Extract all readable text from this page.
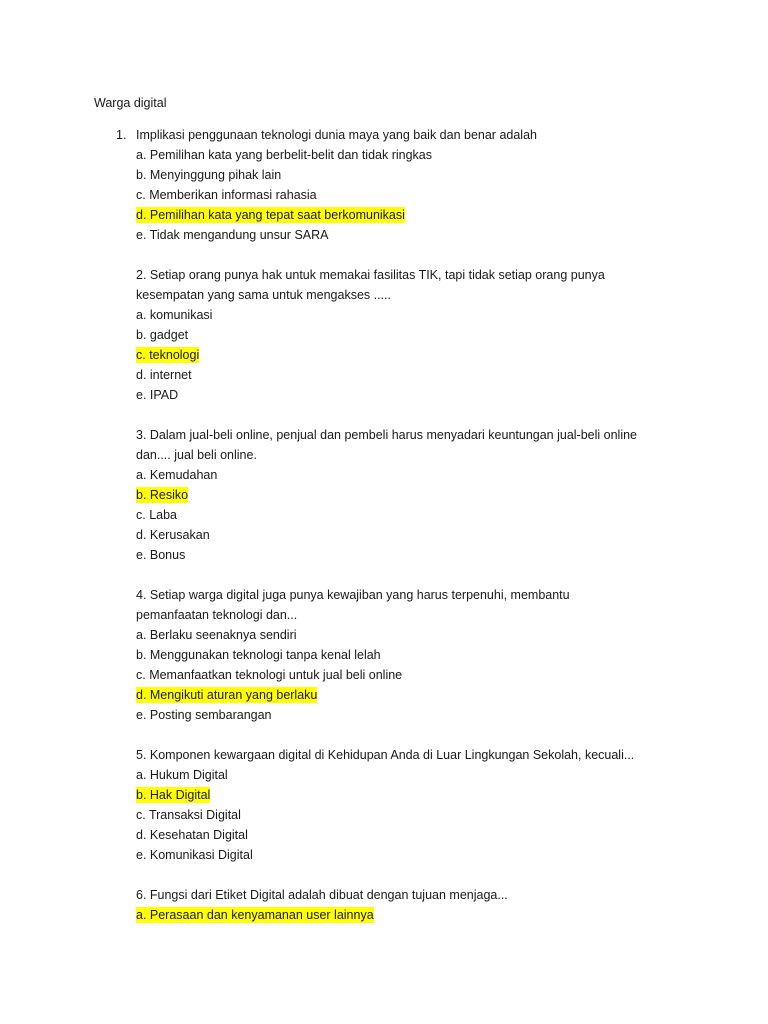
Warga digital
1. Implikasi penggunaan teknologi dunia maya yang baik dan benar adalah
a. Pemilihan kata yang berbelit-belit dan tidak ringkas
b. Menyinggung pihak lain
c. Memberikan informasi rahasia
d. Pemilihan kata yang tepat saat berkomunikasi
e. Tidak mengandung unsur SARA
2. Setiap orang punya hak untuk memakai fasilitas TIK, tapi tidak setiap orang punya
kesempatan yang sama untuk mengakses .....
a. komunikasi
b. gadget
c. teknologi
d. internet
e. IPAD
3. Dalam jual-beli online, penjual dan pembeli harus menyadari keuntungan jual-beli online
dan.... jual beli online.
a. Kemudahan
b. Resiko
c. Laba
d. Kerusakan
e. Bonus
4. Setiap warga digital juga punya kewajiban yang harus terpenuhi, membantu
pemanfaatan teknologi dan...
a. Berlaku seenaknya sendiri
b. Menggunakan teknologi tanpa kenal lelah
c. Memanfaatkan teknologi untuk jual beli online
d. Mengikuti aturan yang berlaku
e. Posting sembarangan
5. Komponen kewargaan digital di Kehidupan Anda di Luar Lingkungan Sekolah, kecuali...
a. Hukum Digital
b. Hak Digital
c. Transaksi Digital
d. Kesehatan Digital
e. Komunikasi Digital
6. Fungsi dari Etiket Digital adalah dibuat dengan tujuan menjaga...
a. Perasaan dan kenyamanan user lainnya
